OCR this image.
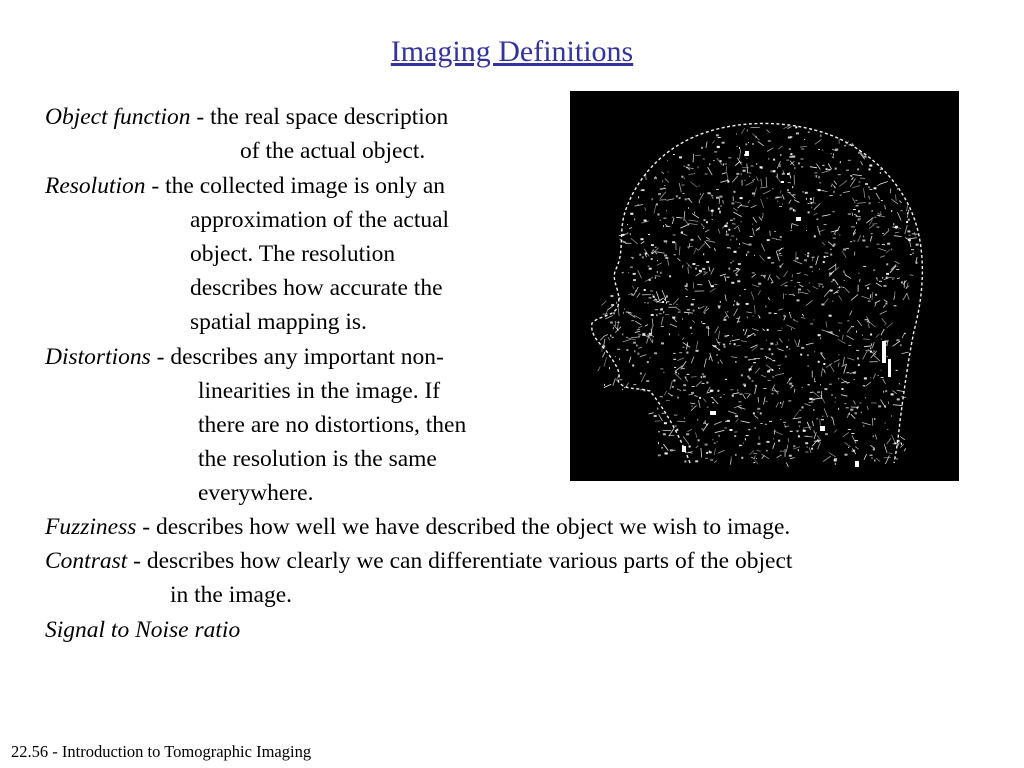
Imaging Definitions
Object function - the real space description
of the actual object.
Resolution - the collected image is only an
approximation of the actual
object. The resolution
describes how accurate the
spatial mapping is.
Distortions - describes any important non-
linearities in the image. If
there are no distortions, then
the resolution is the same
everywhere.
Fuzziness - describes how well we have described the object we wish to image.
Contrast - describes how clearly we can differentiate various parts of the object
in the image.
Signal to Noise ratio
22.56 - Introduction to Tomographic Imaging
